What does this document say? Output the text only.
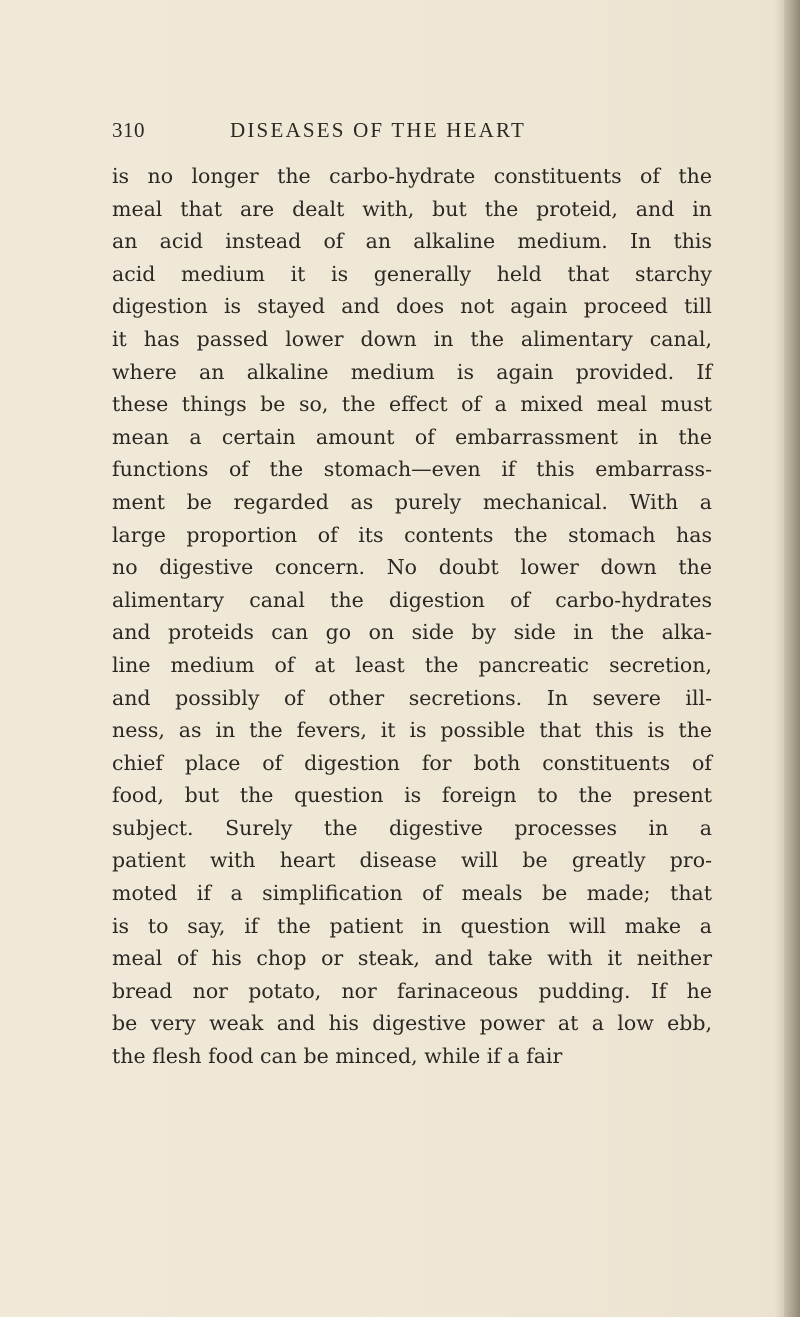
310	DISEASES OF THE HEART
is no longer the carbo-hydrate constituents of the
meal that are dealt with, but the proteid, and in
an acid instead of an alkaline medium. In this
acid medium it is generally held that starchy
digestion is stayed and does not again proceed till
it has passed lower down in the alimentary canal,
where an alkaline medium is again provided. If
these things be so, the effect of a mixed meal must
mean a certain amount of embarrassment in the
functions of the stomach—even if this embarrass-
ment be regarded as purely mechanical. With a
large proportion of its contents the stomach has
no digestive concern. No doubt lower down the
alimentary canal the digestion of carbo-hydrates
and proteids can go on side by side in the alka-
line medium of at least the pancreatic secretion,
and possibly of other secretions. In severe ill-
ness, as in the fevers, it is possible that this is the
chief place of digestion for both constituents of
food, but the question is foreign to the present
subject. Surely the digestive processes in a
patient with heart disease will be greatly pro-
moted if a simplification of meals be made; that
is to say, if the patient in question will make a
meal of his chop or steak, and take with it neither
bread nor potato, nor farinaceous pudding. If he
be very weak and his digestive power at a low ebb,
the flesh food can be minced, while if a fair
